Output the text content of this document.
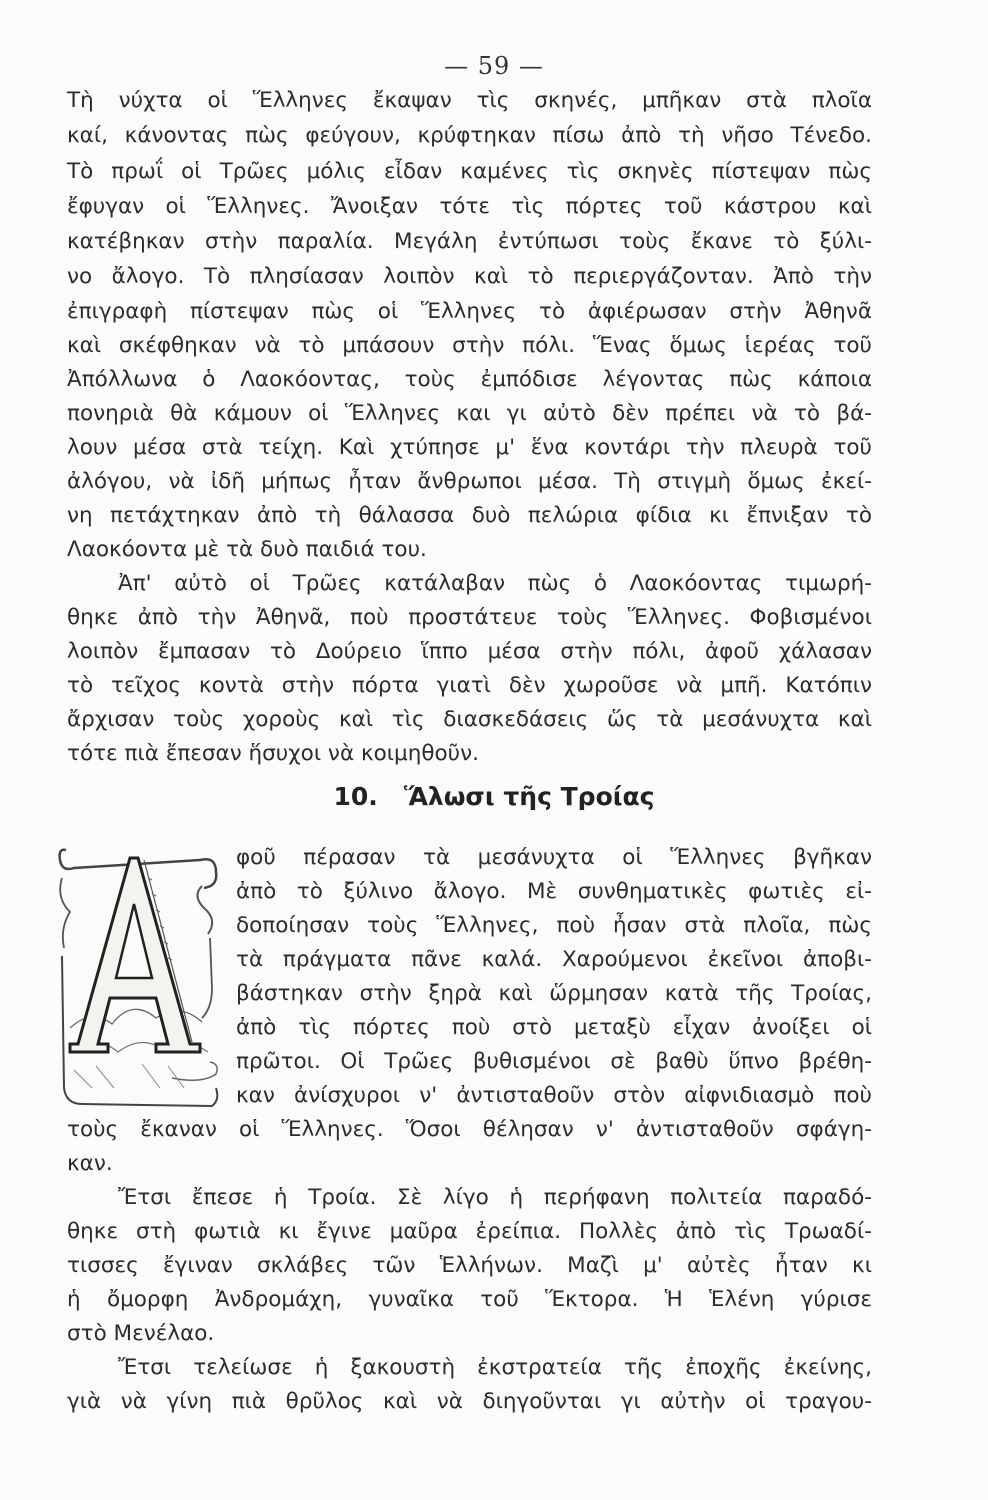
— 59 —
Τὴ νύχτα οἱ Ἕλληνες ἔκαψαν τὶς σκηνές, μπῆκαν στὰ πλοῖα
καί, κάνοντας πὼς φεύγουν, κρύφτηκαν πίσω ἀπὸ τὴ νῆσο Τένεδο.
Τὸ πρωΐ οἱ Τρῶες μόλις εἶδαν καμένες τὶς σκηνὲς πίστεψαν πὼς
ἔφυγαν οἱ Ἕλληνες. Ἄνοιξαν τότε τὶς πόρτες τοῦ κάστρου καὶ
κατέβηκαν στὴν παραλία. Μεγάλη ἐντύπωσι τοὺς ἔκανε τὸ ξύλι-
νο ἄλογο. Τὸ πλησίασαν λοιπὸν καὶ τὸ περιεργάζονταν. Ἀπὸ τὴν
ἐπιγραφὴ πίστεψαν πὼς οἱ Ἕλληνες τὸ ἀφιέρωσαν στὴν Ἀθηνᾶ
καὶ σκέφθηκαν νὰ τὸ μπάσουν στὴν πόλι. Ἕνας ὅμως ἱερέας τοῦ
Ἀπόλλωνα ὁ Λαοκόοντας, τοὺς ἐμπόδισε λέγοντας πὼς κάποια
πονηριὰ θὰ κάμουν οἱ Ἕλληνες και γι αὐτὸ δὲν πρέπει νὰ τὸ βά-
λουν μέσα στὰ τείχη. Καὶ χτύπησε μ' ἕνα κοντάρι τὴν πλευρὰ τοῦ
ἀλόγου, νὰ ἰδῆ μήπως ἦταν ἄνθρωποι μέσα. Τὴ στιγμὴ ὅμως ἐκεί-
νη πετάχτηκαν ἀπὸ τὴ θάλασσα δυὸ πελώρια φίδια κι ἔπνιξαν τὸ
Λαοκόοντα μὲ τὰ δυὸ παιδιά του.
Ἀπ' αὐτὸ οἱ Τρῶες κατάλαβαν πὼς ὁ Λαοκόοντας τιμωρή-
θηκε ἀπὸ τὴν Ἀθηνᾶ, ποὺ προστάτευε τοὺς Ἕλληνες. Φοβισμένοι
λοιπὸν ἔμπασαν τὸ Δούρειο ἵππο μέσα στὴν πόλι, ἀφοῦ χάλασαν
τὸ τεῖχος κοντὰ στὴν πόρτα γιατὶ δὲν χωροῦσε νὰ μπῆ. Κατόπιν
ἄρχισαν τοὺς χοροὺς καὶ τὶς διασκεδάσεις ὥς τὰ μεσάνυχτα καὶ
τότε πιὰ ἔπεσαν ἥσυχοι νὰ κοιμηθοῦν.
10. Ἅλωσι τῆς Τροίας
A
φοῦ πέρασαν τὰ μεσάνυχτα οἱ Ἕλληνες βγῆκαν
ἀπὸ τὸ ξύλινο ἄλογο. Μὲ συνθηματικὲς φωτιὲς εἰ-
δοποίησαν τοὺς Ἕλληνες, ποὺ ἦσαν στὰ πλοῖα, πὼς
τὰ πράγματα πᾶνε καλά. Χαρούμενοι ἐκεῖνοι ἀποβι-
βάστηκαν στὴν ξηρὰ καὶ ὥρμησαν κατὰ τῆς Τροίας,
ἀπὸ τὶς πόρτες ποὺ στὸ μεταξὺ εἶχαν ἀνοίξει οἱ
πρῶτοι. Οἱ Τρῶες βυθισμένοι σὲ βαθὺ ὕπνο βρέθη-
καν ἀνίσχυροι ν' ἀντισταθοῦν στὸν αἰφνιδιασμὸ ποὺ
τοὺς ἔκαναν οἱ Ἕλληνες. Ὅσοι θέλησαν ν' ἀντισταθοῦν σφάγη-
καν.
Ἔτσι ἔπεσε ἡ Τροία. Σὲ λίγο ἡ περήφανη πολιτεία παραδό-
θηκε στὴ φωτιὰ κι ἔγινε μαῦρα ἐρείπια. Πολλὲς ἀπὸ τὶς Τρωαδί-
τισσες ἔγιναν σκλάβες τῶν Ἑλλήνων. Μαζὶ μ' αὐτὲς ἦταν κι
ἡ ὄμορφη Ἀνδρομάχη, γυναῖκα τοῦ Ἕκτορα. Ἡ Ἑλένη γύρισε
στὸ Μενέλαο.
Ἔτσι τελείωσε ἡ ξακουστὴ ἐκστρατεία τῆς ἐποχῆς ἐκείνης,
γιὰ νὰ γίνη πιὰ θρῦλος καὶ νὰ διηγοῦνται γι αὐτὴν οἱ τραγου-
